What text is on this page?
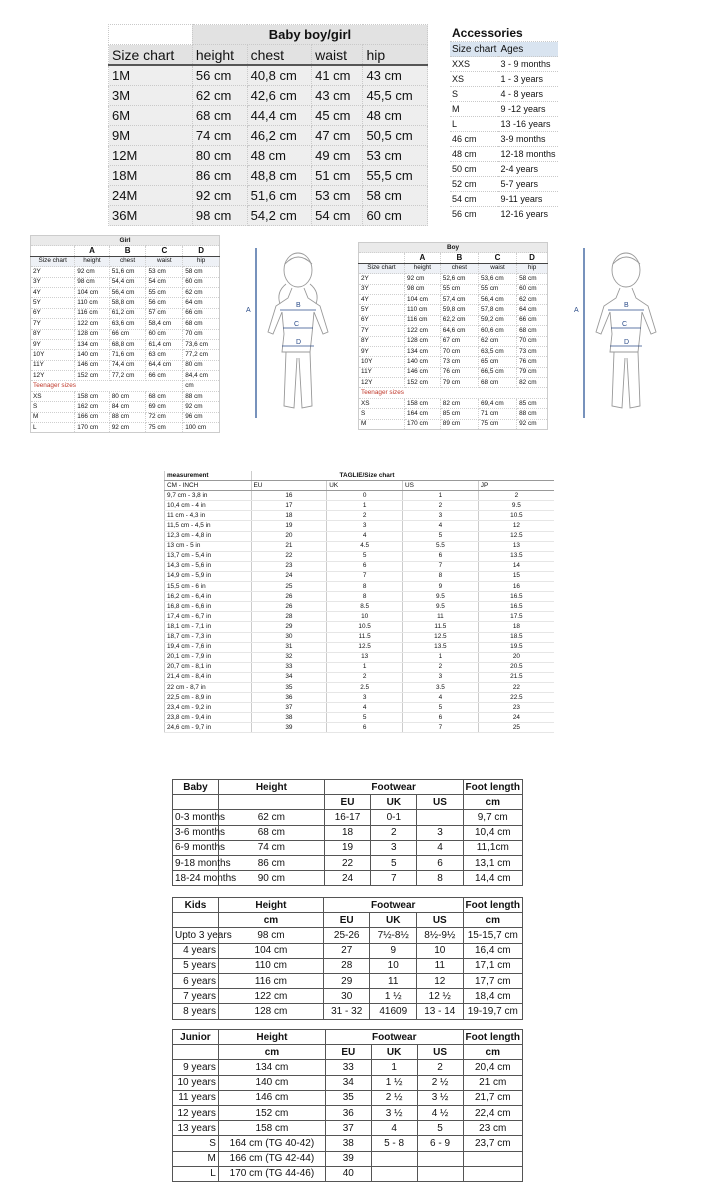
	Baby boy/girl			
Size chart	height	chest	waist	hip
1M	56 cm	40,8 cm	41 cm	43 cm
3M	62 cm	42,6 cm	43 cm	45,5 cm
6M	68 cm	44,4 cm	45 cm	48 cm
9M	74 cm	46,2 cm	47 cm	50,5 cm
12M	80 cm	48 cm	49 cm	53 cm
18M	86 cm	48,8 cm	51 cm	55,5 cm
24M	92 cm	51,6 cm	53 cm	58 cm
36M	98 cm	54,2 cm	54 cm	60 cm
Accessories	
Size chart	Ages
XXS	3 - 9 months
XS	1 - 3 years
S	4 - 8 years
M	9 -12 years
L	13 -16 years
46 cm	3-9 months
48 cm	12-18 months
50 cm	2-4 years
52 cm	5-7 years
54 cm	9-11 years
56 cm	12-16 years
Girl				
	A	B	C	D
Size chart	height	chest	waist	hip
2Y	92 cm	51,6 cm	53 cm	58 cm
3Y	98 cm	54,4 cm	54 cm	60 cm
4Y	104 cm	56,4 cm	55 cm	62 cm
5Y	110 cm	58,8 cm	56 cm	64 cm
6Y	116 cm	61,2 cm	57 cm	66 cm
7Y	122 cm	63,6 cm	58,4 cm	68 cm
8Y	128 cm	66 cm	60 cm	70 cm
9Y	134 cm	68,8 cm	61,4 cm	73,6 cm
10Y	140 cm	71,6 cm	63 cm	77,2 cm
11Y	146 cm	74,4 cm	64,4 cm	80 cm
12Y	152 cm	77,2 cm	66 cm	84,4 cm
Teenager sizes				cm
XS	158 cm	80 cm	68 cm	88 cm
S	162 cm	84 cm	69 cm	92 cm
M	166 cm	88 cm	72 cm	96 cm
L	170 cm	92 cm	75 cm	100 cm
A
B
C
D
Boy				
	A	B	C	D
Size chart	height	chest	waist	hip
2Y	92 cm	52,6 cm	53,6 cm	58 cm
3Y	98 cm	55 cm	55 cm	60 cm
4Y	104 cm	57,4 cm	56,4 cm	62 cm
5Y	110 cm	59,8 cm	57,8 cm	64 cm
6Y	116 cm	62,2 cm	59,2 cm	66 cm
7Y	122 cm	64,6 cm	60,6 cm	68 cm
8Y	128 cm	67 cm	62 cm	70 cm
9Y	134 cm	70 cm	63,5 cm	73 cm
10Y	140 cm	73 cm	65 cm	76 cm
11Y	146 cm	76 cm	66,5 cm	79 cm
12Y	152 cm	79 cm	68 cm	82 cm
Teenager sizes				
XS	158 cm	82 cm	69,4 cm	85 cm
S	164 cm	85 cm	71 cm	88 cm
M	170 cm	89 cm	75 cm	92 cm
A
B
C
D
measurement	TAGLIE/Size chart			
CM - INCH	EU	UK	US	JP
9,7 cm - 3,8 in	16	0	1	2
10,4 cm - 4 in	17	1	2	9.5
11 cm - 4,3 in	18	2	3	10.5
11,5 cm - 4,5 in	19	3	4	12
12,3 cm - 4,8 in	20	4	5	12.5
13 cm - 5 in	21	4.5	5.5	13
13,7 cm - 5,4 in	22	5	6	13.5
14,3 cm - 5,6 in	23	6	7	14
14,9 cm - 5,9 in	24	7	8	15
15,5 cm - 6 in	25	8	9	16
16,2 cm - 6,4 in	26	8	9.5	16.5
16,8 cm - 6,6 in	26	8.5	9.5	16.5
17,4 cm - 6,7 in	28	10	11	17.5
18,1 cm - 7,1 in	29	10.5	11.5	18
18,7 cm - 7,3 in	30	11.5	12.5	18.5
19,4 cm - 7,6 in	31	12.5	13.5	19.5
20,1 cm - 7,9 in	32	13	1	20
20,7 cm - 8,1 in	33	1	2	20.5
21,4 cm - 8,4 in	34	2	3	21.5
22 cm - 8,7 in	35	2.5	3.5	22
22,5 cm - 8,9 in	36	3	4	22.5
23,4 cm - 9,2 in	37	4	5	23
23,8 cm - 9,4 in	38	5	6	24
24,6 cm - 9,7 in	39	6	7	25
Baby	Height	Footwear			Foot length
		EU	UK	US	cm
0-3 months	62 cm	16-17	0-1		9,7 cm
3-6 months	68 cm	18	2	3	10,4 cm
6-9 months	74 cm	19	3	4	11,1cm
9-18 months	86 cm	22	5	6	13,1 cm
18-24 months	90 cm	24	7	8	14,4 cm
Kids	Height	Footwear			Foot length
	cm	EU	UK	US	cm
Upto 3 years	98 cm	25-26	7½-8½	8½-9½	15-15,7 cm
4 years	104 cm	27	9	10	16,4 cm
5 years	110 cm	28	10	11	17,1 cm
6 years	116 cm	29	11	12	17,7 cm
7 years	122 cm	30	1 ½	12 ½	18,4 cm
8 years	128 cm	31 - 32	41609	13 - 14	19-19,7 cm
Junior	Height	Footwear			Foot length
	cm	EU	UK	US	cm
9 years	134 cm	33	1	2	20,4 cm
10 years	140 cm	34	1 ½	2 ½	21 cm
11 years	146 cm	35	2 ½	3 ½	21,7 cm
12 years	152 cm	36	3 ½	4 ½	22,4 cm
13 years	158 cm	37	4	5	23 cm
S	164 cm (TG 40-42)	38	5 - 8	6 - 9	23,7 cm
M	166 cm (TG 42-44)	39			
L	170 cm (TG 44-46)	40			
